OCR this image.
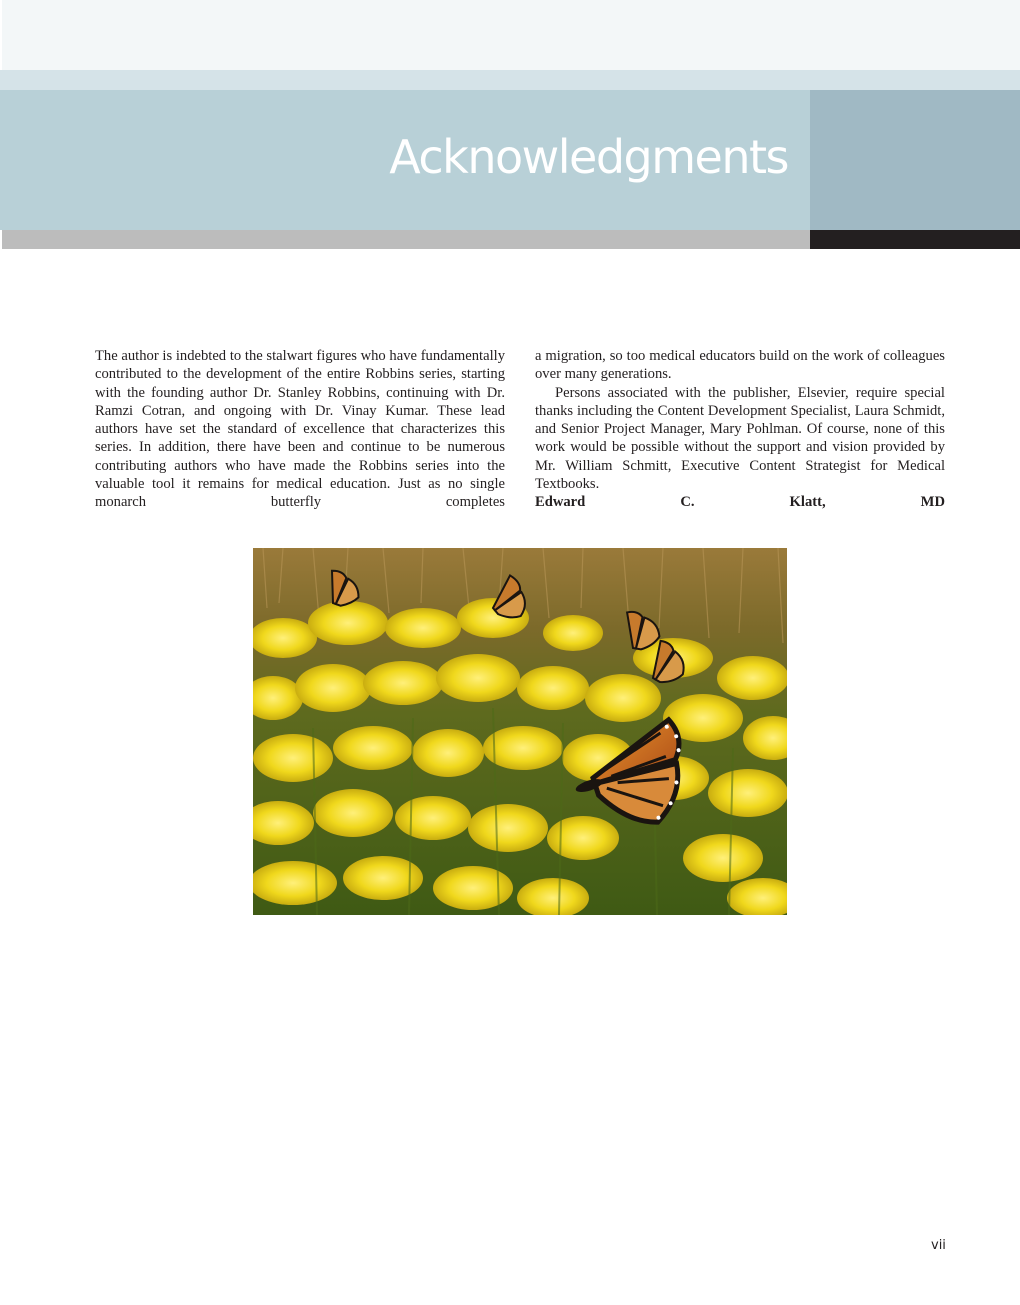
Acknowledgments

The author is indebted to the stalwart figures who have fundamentally contributed to the development of the entire Robbins series, starting with the founding author Dr. Stanley Robbins, continuing with Dr. Ramzi Cotran, and ongoing with Dr. Vinay Kumar. These lead authors have set the standard of excellence that characterizes this series. In addition, there have been and continue to be numerous contributing authors who have made the Robbins series into the valuable tool it remains for medical education. Just as no single monarch butterfly completes

a migration, so too medical educators build on the work of colleagues over many generations.

Persons associated with the publisher, Elsevier, require special thanks including the Content Development Specialist, Laura Schmidt, and Senior Project Manager, Mary Pohlman. Of course, none of this work would be possible without the support and vision provided by Mr. William Schmitt, Executive Content Strategist for Medical Textbooks.

Edward C. Klatt, MD

vii
